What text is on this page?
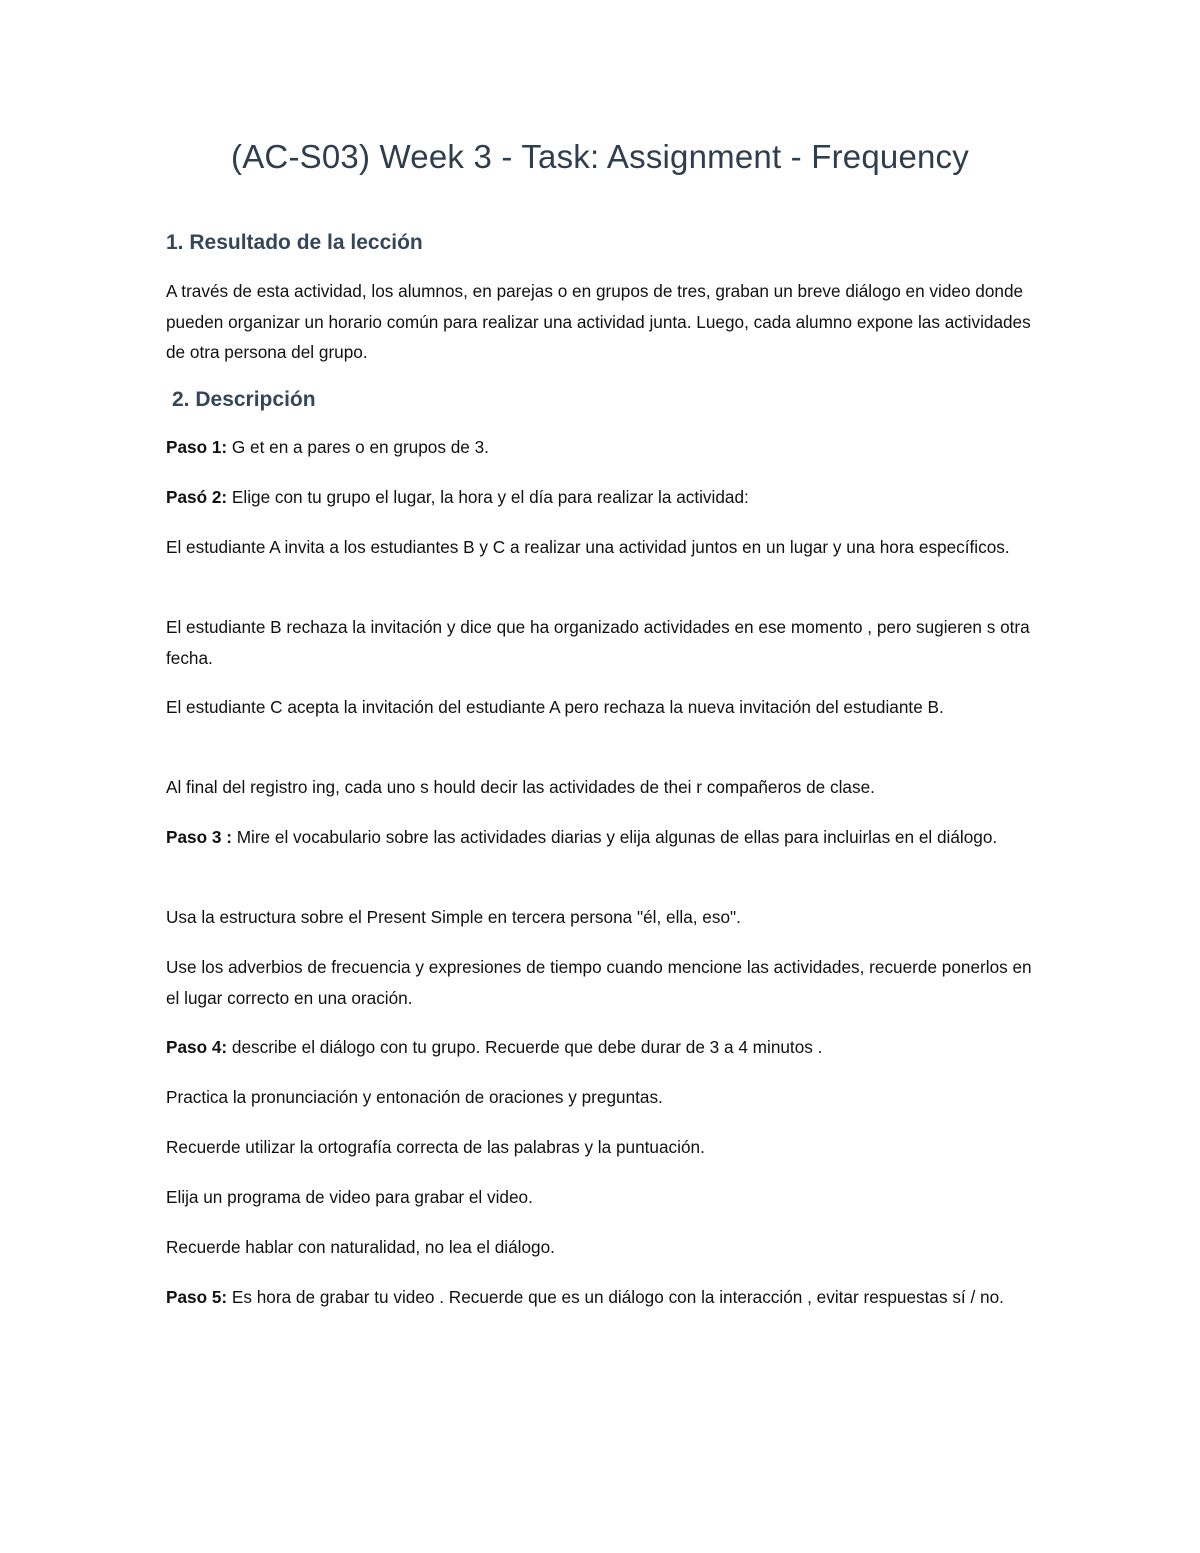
(AC-S03) Week 3 - Task: Assignment - Frequency
1. Resultado de la lección

A través de esta actividad, los alumnos, en parejas o en grupos de tres, graban un breve diálogo en video donde pueden organizar un horario común para realizar una actividad junta. Luego, cada alumno expone las actividades de otra persona del grupo.

2. Descripción

Paso 1: G et en a pares o en grupos de 3.

Pasó 2: Elige con tu grupo el lugar, la hora y el día para realizar la actividad:

El estudiante A invita a los estudiantes B y C a realizar una actividad juntos en un lugar y una hora específicos.

El estudiante B rechaza la invitación y dice que ha organizado actividades en ese momento , pero sugieren s otra fecha.

El estudiante C acepta la invitación del estudiante A pero rechaza la nueva invitación del estudiante B.

Al final del registro ing, cada uno s hould decir las actividades de thei r compañeros de clase.

Paso 3 : Mire el vocabulario sobre las actividades diarias y elija algunas de ellas para incluirlas en el diálogo.

Usa la estructura sobre el Present Simple en tercera persona "él, ella, eso".

Use los adverbios de frecuencia y expresiones de tiempo cuando mencione las actividades, recuerde ponerlos en el lugar correcto en una oración.

Paso 4: describe el diálogo con tu grupo. Recuerde que debe durar de 3 a 4 minutos .

Practica la pronunciación y entonación de oraciones y preguntas.

Recuerde utilizar la ortografía correcta de las palabras y la puntuación.

Elija un programa de video para grabar el video.

Recuerde hablar con naturalidad, no lea el diálogo.

Paso 5: Es hora de grabar tu video . Recuerde que es un diálogo con la interacción , evitar respuestas sí / no.
